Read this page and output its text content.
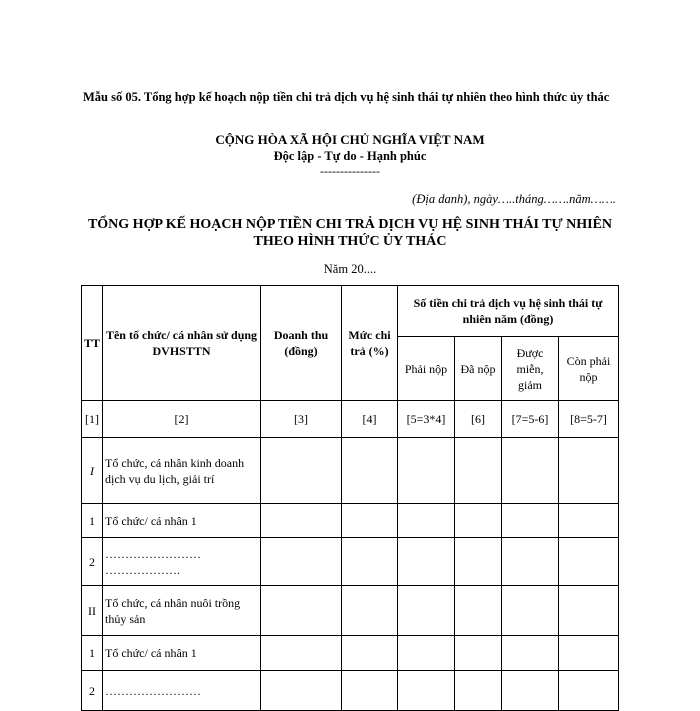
Mẫu số 05. Tổng hợp kế hoạch nộp tiền chi trả dịch vụ hệ sinh thái tự nhiên theo hình thức ủy thác
CỘNG HÒA XÃ HỘI CHỦ NGHĨA VIỆT NAM
Độc lập - Tự do - Hạnh phúc
---------------
(Địa danh), ngày…..tháng…….năm…….
TỔNG HỢP KẾ HOẠCH NỘP TIỀN CHI TRẢ DỊCH VỤ HỆ SINH THÁI TỰ NHIÊN THEO HÌNH THỨC ỦY THÁC
Năm 20....
TT	Tên tổ chức/ cá nhân sử dụng DVHSTTN	Doanh thu (đồng)	Mức chi trả (%)	Số tiền chi trả dịch vụ hệ sinh thái tự nhiên năm (đồng)			
				Phải nộp	Đã nộp	Được miễn, giảm	Còn phải nộp
[1]	[2]	[3]	[4]	[5=3*4]	[6]	[7=5-6]	[8=5-7]
I	Tổ chức, cá nhân kinh doanh dịch vụ du lịch, giải trí						
1	Tổ chức/ cá nhân 1						
2	…………………… ……………….						
II	Tổ chức, cá nhân nuôi trồng thủy sản						
1	Tổ chức/ cá nhân 1						
2	……………………						
